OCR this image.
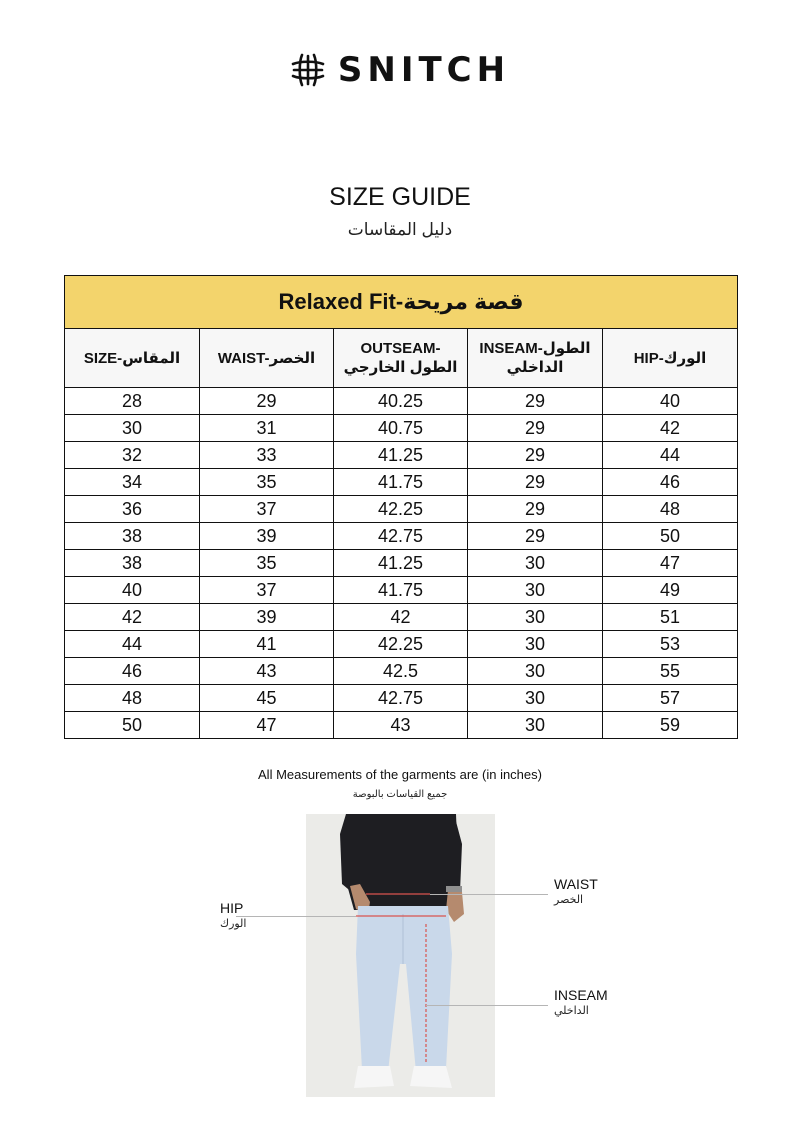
SNITCH
SIZE GUIDE
دليل المقاسات
Relaxed Fit-قصة مريحة				
SIZE-المقاس	WAIST-الخصر	OUTSEAM-الطول الخارجي	INSEAM-الطول الداخلي	HIP-الورك
28	29	40.25	29	40
30	31	40.75	29	42
32	33	41.25	29	44
34	35	41.75	29	46
36	37	42.25	29	48
38	39	42.75	29	50
38	35	41.25	30	47
40	37	41.75	30	49
42	39	42	30	51
44	41	42.25	30	53
46	43	42.5	30	55
48	45	42.75	30	57
50	47	43	30	59
All Measurements of the garments are (in inches)
جميع القياسات بالبوصة
HIP
الورك
WAIST
الخصر
INSEAM
الداخلي
